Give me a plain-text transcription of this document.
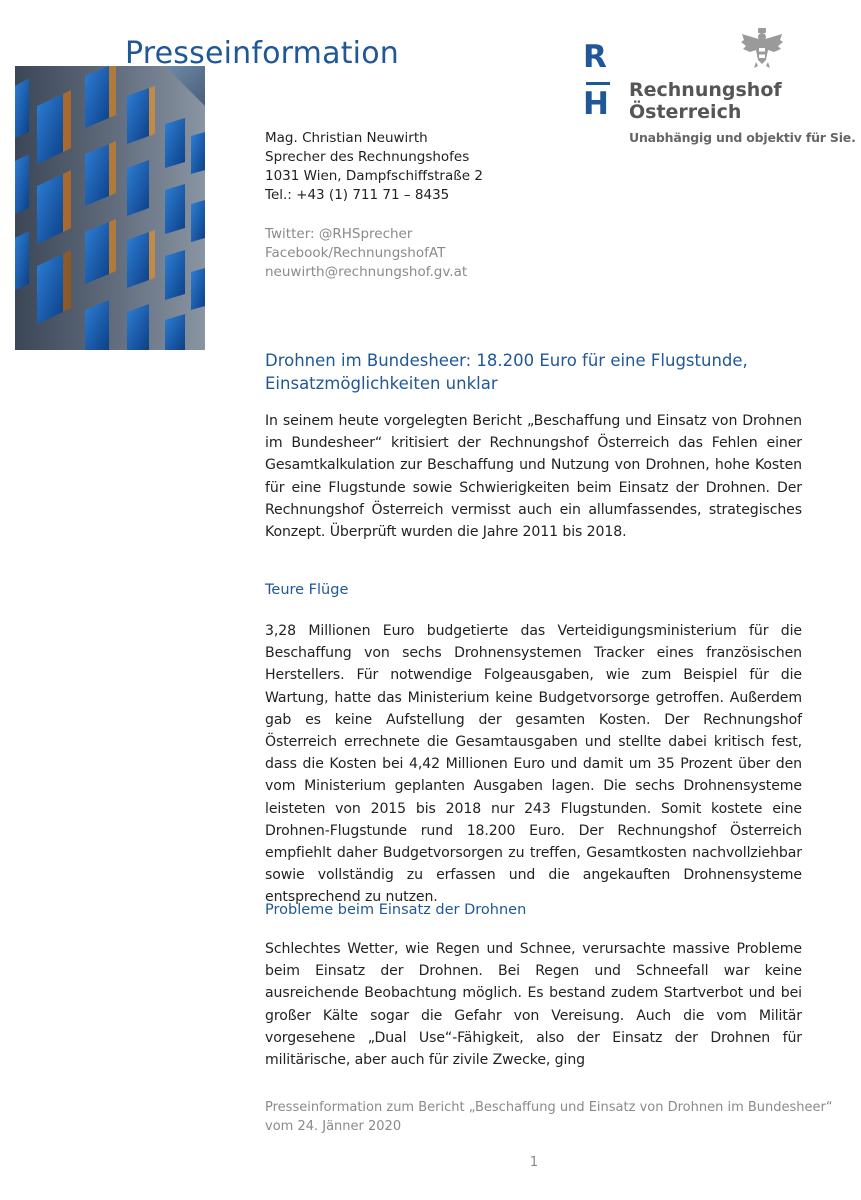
Presseinformation	R
H Rechnungshof
Österreich
Unabhängig und objektiv für Sie.
Mag. Christian Neuwirth
Sprecher des Rechnungshofes
1031 Wien, Dampfschiffstraße 2
Tel.: +43 (1) 711 71 – 8435
Twitter: @RHSprecher
Facebook/RechnungshofAT
neuwirth@rechnungshof.gv.at
Drohnen im Bundesheer: 18.200 Euro für eine Flugstunde, Einsatzmöglichkeiten unklar
In seinem heute vorgelegten Bericht „Beschaffung und Einsatz von Drohnen im Bundesheer“ kritisiert der Rechnungshof Österreich das Fehlen einer Gesamtkalkulation zur Beschaffung und Nutzung von Drohnen, hohe Kosten für eine Flugstunde sowie Schwierigkeiten beim Einsatz der Drohnen. Der Rechnungshof Österreich vermisst auch ein allumfassendes, strategisches Konzept. Überprüft wurden die Jahre 2011 bis 2018.
Teure Flüge
3,28 Millionen Euro budgetierte das Verteidigungsministerium für die Beschaffung von sechs Drohnensystemen Tracker eines französischen Herstellers. Für notwendige Folgeausgaben, wie zum Beispiel für die Wartung, hatte das Ministerium keine Budgetvorsorge getroffen. Außerdem gab es keine Aufstellung der gesamten Kosten. Der Rechnungshof Österreich errechnete die Gesamtausgaben und stellte dabei kritisch fest, dass die Kosten bei 4,42 Millionen Euro und damit um 35 Prozent über den vom Ministerium geplanten Ausgaben lagen. Die sechs Drohnensysteme leisteten von 2015 bis 2018 nur 243 Flugstunden. Somit kostete eine Drohnen-Flugstunde rund 18.200 Euro. Der Rechnungshof Österreich empfiehlt daher Budgetvorsorgen zu treffen, Gesamtkosten nachvollziehbar sowie vollständig zu erfassen und die angekauften Drohnensysteme entsprechend zu nutzen.
Probleme beim Einsatz der Drohnen
Schlechtes Wetter, wie Regen und Schnee, verursachte massive Probleme beim Einsatz der Drohnen. Bei Regen und Schneefall war keine ausreichende Beobachtung möglich. Es bestand zudem Startverbot und bei großer Kälte sogar die Gefahr von Vereisung. Auch die vom Militär vorgesehene „Dual Use“-Fähigkeit, also der Einsatz der Drohnen für militärische, aber auch für zivile Zwecke, ging
Presseinformation zum Bericht „Beschaffung und Einsatz von Drohnen im Bundesheer“
vom 24. Jänner 2020
1
